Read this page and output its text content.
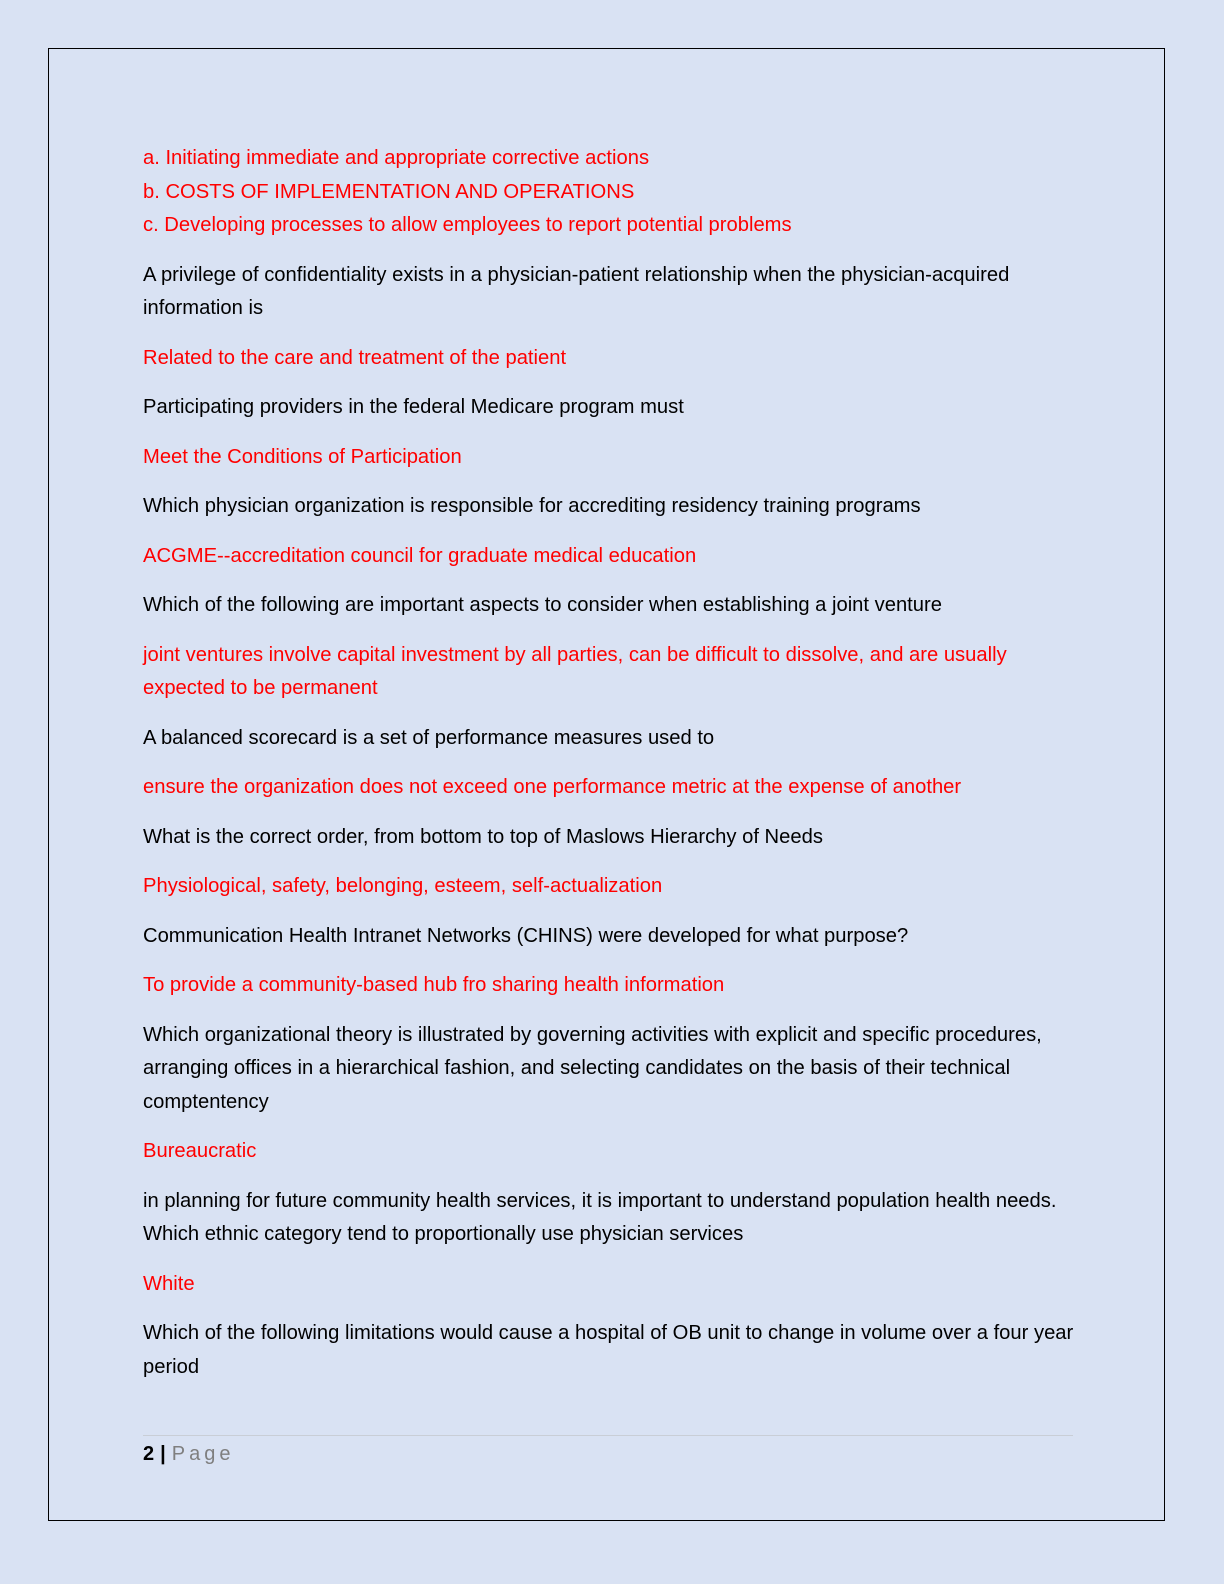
a. Initiating immediate and appropriate corrective actions
b. COSTS OF IMPLEMENTATION AND OPERATIONS
c. Developing processes to allow employees to report potential problems

A privilege of confidentiality exists in a physician-patient relationship when the physician-acquired information is

Related to the care and treatment of the patient

Participating providers in the federal Medicare program must

Meet the Conditions of Participation

Which physician organization is responsible for accrediting residency training programs

ACGME--accreditation council for graduate medical education

Which of the following are important aspects to consider when establishing a joint venture

joint ventures involve capital investment by all parties, can be difficult to dissolve, and are usually expected to be permanent

A balanced scorecard is a set of performance measures used to

ensure the organization does not exceed one performance metric at the expense of another

What is the correct order, from bottom to top of Maslows Hierarchy of Needs

Physiological, safety, belonging, esteem, self-actualization

Communication Health Intranet Networks (CHINS) were developed for what purpose?

To provide a community-based hub fro sharing health information

Which organizational theory is illustrated by governing activities with explicit and specific procedures, arranging offices in a hierarchical fashion, and selecting candidates on the basis of their technical comptentency

Bureaucratic

in planning for future community health services, it is important to understand population health needs. Which ethnic category tend to proportionally use physician services

White

Which of the following limitations would cause a hospital of OB unit to change in volume over a four year period

2 | Page
